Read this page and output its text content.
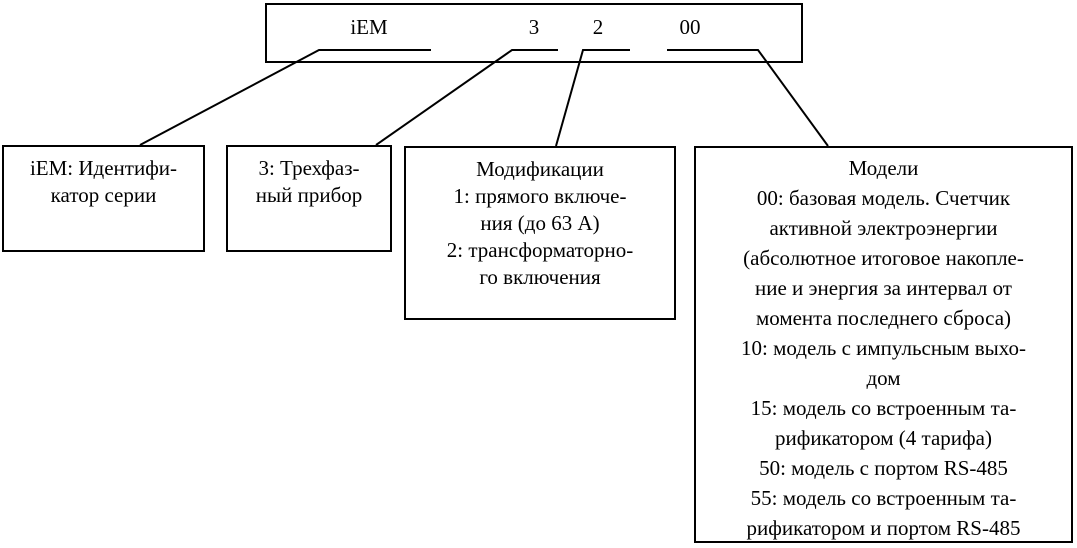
iEM	3	2	00
iEM: Идентифи-
катор серии
3: Трехфаз-
ный прибор
Модификации
1: прямого включе-
ния (до 63 А)
2: трансформаторно-
го включения
Модели
00: базовая модель. Счетчик
активной электроэнергии
(абсолютное итоговое накопле-
ние и энергия за интервал от
момента последнего сброса)
10: модель с импульсным выхо-
дом
15: модель со встроенным та-
рификатором (4 тарифа)
50: модель с портом RS-485
55: модель со встроенным та-
рификатором и портом RS-485
